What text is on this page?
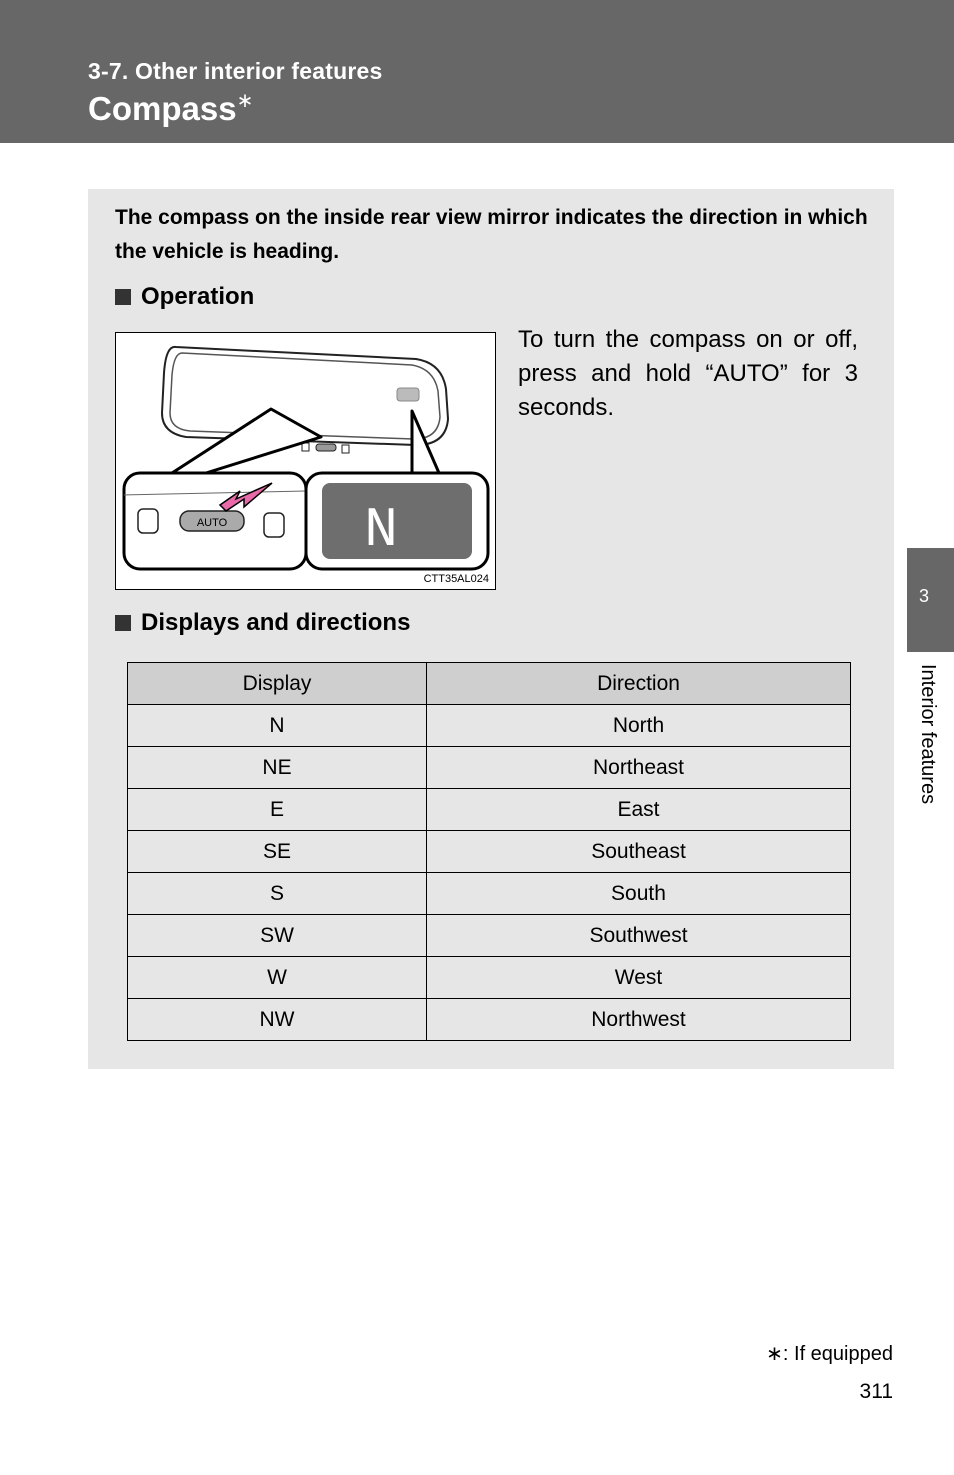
3-7. Other interior features
Compass∗
The compass on the inside rear view mirror indicates the direction in which the vehicle is heading.
Operation
AUTO N
CTT35AL024
To turn the compass on or off, press and hold “AUTO” for 3 seconds.
Displays and directions
Display	Direction
N	North
NE	Northeast
E	East
SE	Southeast
S	South
SW	Southwest
W	West
NW	Northwest
3
Interior features
∗: If equipped
311
